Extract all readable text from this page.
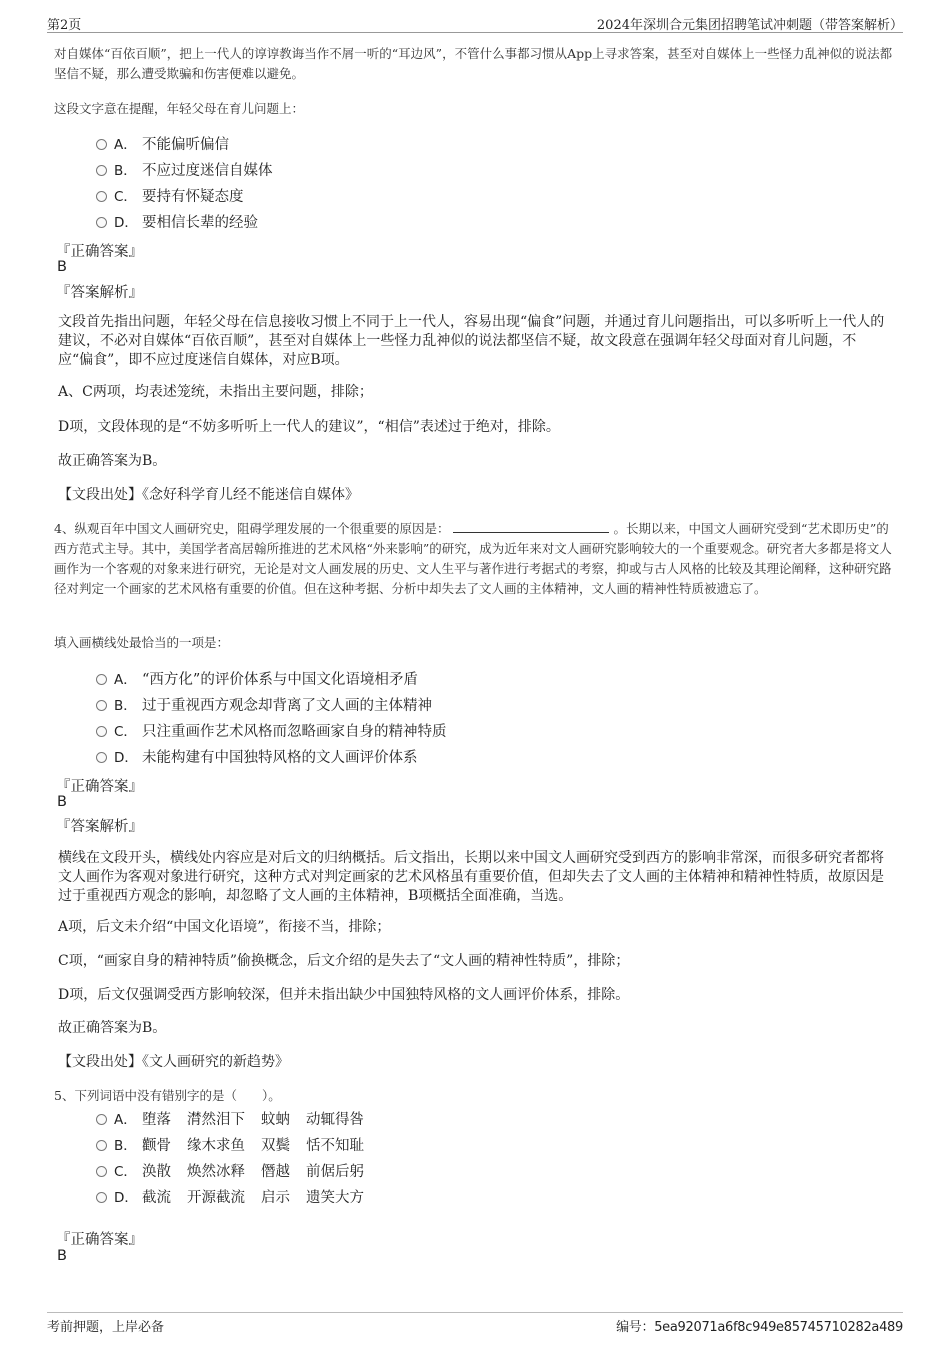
第2页	2024年深圳合元集团招聘笔试冲刺题（带答案解析）
对自媒体“百依百顺”，把上一代人的谆谆教诲当作不屑一听的“耳边风”，不管什么事都习惯从App上寻求答案，甚至对自媒体上一些怪力乱神似的说法都坚信不疑，那么遭受欺骗和伤害便难以避免。
这段文字意在提醒，年轻父母在育儿问题上：
A． 不能偏听偏信
B． 不应过度迷信自媒体
C． 要持有怀疑态度
D． 要相信长辈的经验
『正确答案』
B
『答案解析』
文段首先指出问题，年轻父母在信息接收习惯上不同于上一代人，容易出现“偏食”问题，并通过育儿问题指出，可以多听听上一代人的建议，不必对自媒体“百依百顺”，甚至对自媒体上一些怪力乱神似的说法都坚信不疑，故文段意在强调年轻父母面对育儿问题，不应“偏食”，即不应过度迷信自媒体，对应B项。
A、C两项，均表述笼统，未指出主要问题，排除；
D项，文段体现的是“不妨多听听上一代人的建议”，“相信”表述过于绝对，排除。
故正确答案为B。
【文段出处】《念好科学育儿经不能迷信自媒体》
4、纵观百年中国文人画研究史，阻碍学理发展的一个很重要的原因是：	。长期以来，中国文人画研究受到“艺术即历史”的西方范式主导。其中，美国学者高居翰所推进的艺术风格“外来影响”的研究，成为近年来对文人画研究影响较大的一个重要观念。研究者大多都是将文人画作为一个客观的对象来进行研究，无论是对文人画发展的历史、文人生平与著作进行考据式的考察，抑或与古人风格的比较及其理论阐释，这种研究路径对判定一个画家的艺术风格有重要的价值。但在这种考据、分析中却失去了文人画的主体精神，文人画的精神性特质被遗忘了。
填入画横线处最恰当的一项是：
A． “西方化”的评价体系与中国文化语境相矛盾
B． 过于重视西方观念却背离了文人画的主体精神
C． 只注重画作艺术风格而忽略画家自身的精神特质
D． 未能构建有中国独特风格的文人画评价体系
『正确答案』
B
『答案解析』
横线在文段开头，横线处内容应是对后文的归纳概括。后文指出，长期以来中国文人画研究受到西方的影响非常深，而很多研究者都将文人画作为客观对象进行研究，这种方式对判定画家的艺术风格虽有重要价值，但却失去了文人画的主体精神和精神性特质，故原因是过于重视西方观念的影响，却忽略了文人画的主体精神，B项概括全面准确，当选。
A项，后文未介绍“中国文化语境”，衔接不当，排除；
C项，“画家自身的精神特质”偷换概念，后文介绍的是失去了“文人画的精神性特质”，排除；
D项，后文仅强调受西方影响较深，但并未指出缺少中国独特风格的文人画评价体系，排除。
故正确答案为B。
【文段出处】《文人画研究的新趋势》
5、下列词语中没有错别字的是（　　）。
A． 堕落 潸然泪下 蚊蚋 动辄得咎
B． 颧骨 缘木求鱼 双鬓 恬不知耻
C． 涣散 焕然冰释 僭越 前倨后躬
D． 截流 开源截流 启示 遗笑大方
『正确答案』
B
考前押题，上岸必备	编号：5ea92071a6f8c949e85745710282a489
